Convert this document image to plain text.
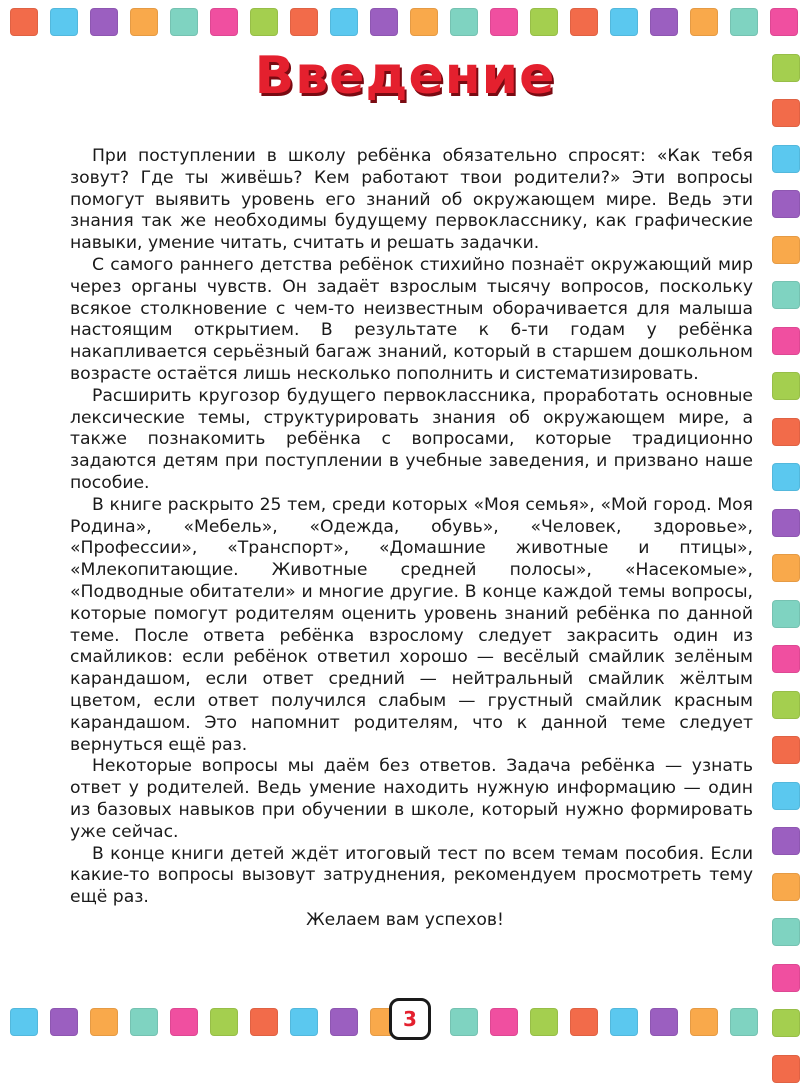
Введение

При поступлении в школу ребёнка обязательно спросят: «Как тебя зовут? Где ты живёшь? Кем работают твои родители?» Эти вопросы помогут выявить уровень его знаний об окружающем мире. Ведь эти знания так же необходимы будущему первокласснику, как графические навыки, умение читать, считать и решать задачки.

С самого раннего детства ребёнок стихийно познаёт окружающий мир через органы чувств. Он задаёт взрослым тысячу вопросов, поскольку всякое столкновение с чем-то неизвестным оборачивается для малыша настоящим открытием. В результате к 6-ти годам у ребёнка накапливается серьёзный багаж знаний, который в старшем дошкольном возрасте остаётся лишь несколько пополнить и систематизировать.

Расширить кругозор будущего первоклассника, проработать основные лексические темы, структурировать знания об окружающем мире, а также познакомить ребёнка с вопросами, которые традиционно задаются детям при поступлении в учебные заведения, и призвано наше пособие.

В книге раскрыто 25 тем, среди которых «Моя семья», «Мой город. Моя Родина», «Мебель», «Одежда, обувь», «Человек, здоровье», «Профессии», «Транспорт», «Домашние животные и птицы», «Млекопитающие. Животные средней полосы», «Насекомые», «Подводные обитатели» и многие другие. В конце каждой темы вопросы, которые помогут родителям оценить уровень знаний ребёнка по данной теме. После ответа ребёнка взрослому следует закрасить один из смайликов: если ребёнок ответил хорошо — весёлый смайлик зелёным карандашом, если ответ средний — нейтральный смайлик жёлтым цветом, если ответ получился слабым — грустный смайлик красным карандашом. Это напомнит родителям, что к данной теме следует вернуться ещё раз.

Некоторые вопросы мы даём без ответов. Задача ребёнка — узнать ответ у родителей. Ведь умение находить нужную информацию — один из базовых навыков при обучении в школе, который нужно формировать уже сейчас.

В конце книги детей ждёт итоговый тест по всем темам пособия. Если какие-то вопросы вызовут затруднения, рекомендуем просмотреть тему ещё раз.

Желаем вам успехов!
3
